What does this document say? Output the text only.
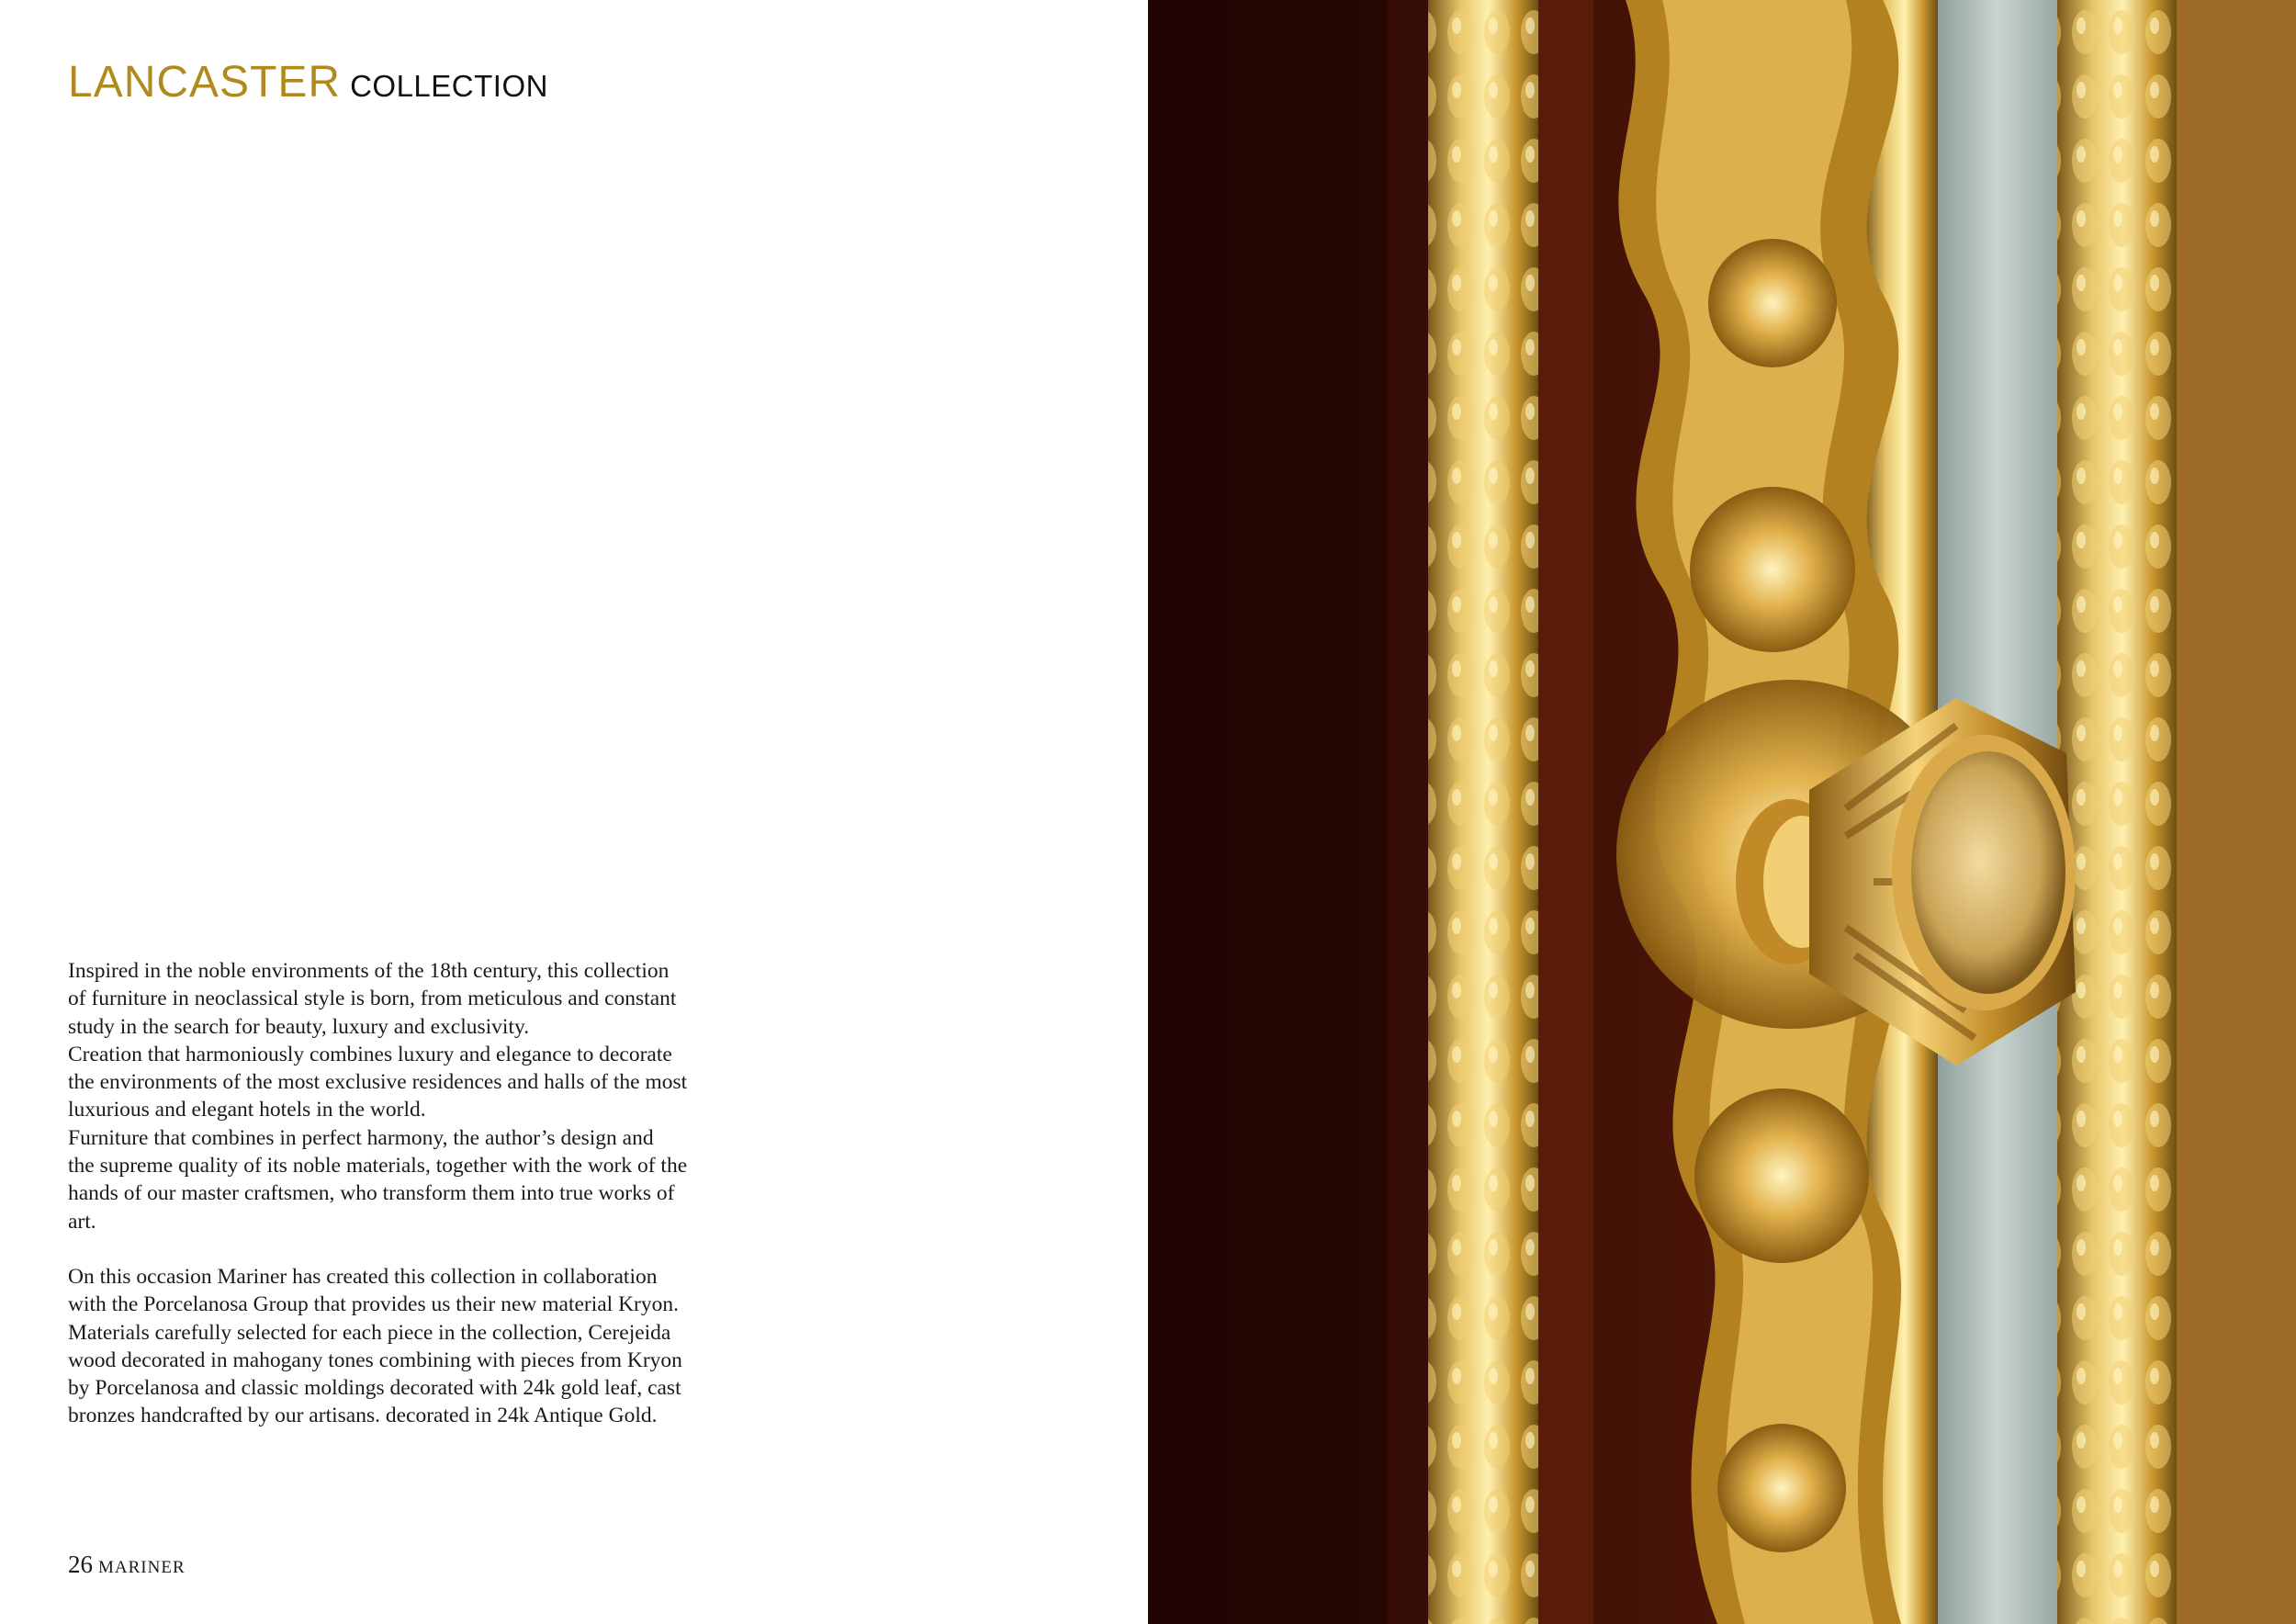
LANCASTER COLLECTION

Inspired in the noble environments of the 18th century, this collection
of furniture in neoclassical style is born, from meticulous and constant
study in the search for beauty, luxury and exclusivity.
Creation that harmoniously combines luxury and elegance to decorate
the environments of the most exclusive residences and halls of the most
luxurious and elegant hotels in the world.
Furniture that combines in perfect harmony, the author’s design and
the supreme quality of its noble materials, together with the work of the
hands of our master craftsmen, who transform them into true works of
art.

On this occasion Mariner has created this collection in collaboration
with the Porcelanosa Group that provides us their new material Kryon.
Materials carefully selected for each piece in the collection, Cerejeida
wood decorated in mahogany tones combining with pieces from Kryon
by Porcelanosa and classic moldings decorated with 24k gold leaf, cast
bronzes handcrafted by our artisans. decorated in 24k Antique Gold.

26 MARINER
